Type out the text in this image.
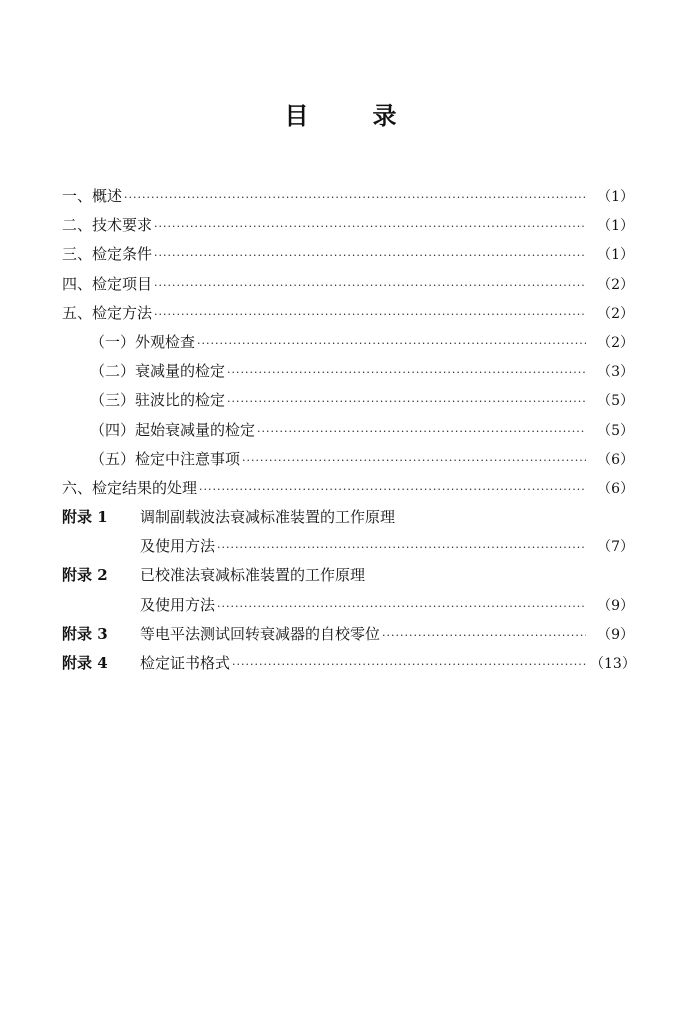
目	录
一、 概述 ·····	（1）
二、 技术要求 ·····	（1）
三、 检定条件 ·····	（1）
四、 检定项目 ·····	（2）
五、 检定方法 ·····	（2）
（一） 外观检查 ·····	（2）
（二） 衰减量的检定 ·····	（3）
（三） 驻波比的检定 ·····	（5）
（四） 起始衰减量的检定 ·····	（5）
（五） 检定中注意事项 ·····	（6）
六、 检定结果的处理 ·····	（6）
附录 1	调制副载波法衰减标准装置的工作原理
及使用方法 ·····	（7）
附录 2	已校准法衰减标准装置的工作原理
及使用方法 ·····	（9）
附录 3	等电平法测试回转衰减器的自校零位 ·····	（9）
附录 4	检定证书格式 ·····	（13）
